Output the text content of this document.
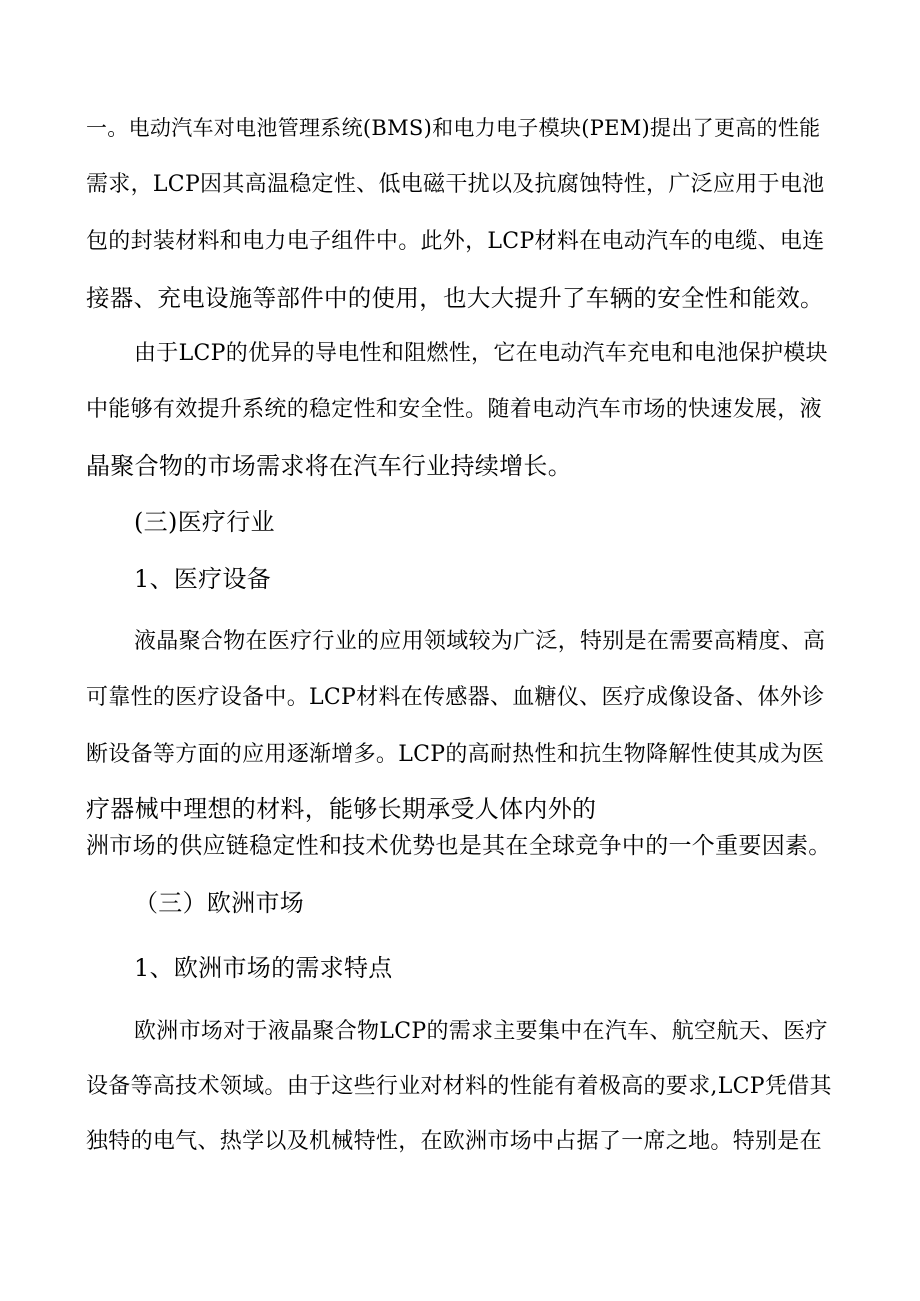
一。电动汽车对电池管理系统(BMS)和电力电子模块(PEM)提出了更高的性能
需求，LCP因其高温稳定性、低电磁干扰以及抗腐蚀特性，广泛应用于电池
包的封装材料和电力电子组件中。此外，LCP材料在电动汽车的电缆、电连
接器、充电设施等部件中的使用，也大大提升了车辆的安全性和能效。
由于LCP的优异的导电性和阻燃性，它在电动汽车充电和电池保护模块
中能够有效提升系统的稳定性和安全性。随着电动汽车市场的快速发展，液
晶聚合物的市场需求将在汽车行业持续增长。
(三)医疗行业
1、医疗设备
液晶聚合物在医疗行业的应用领域较为广泛，特别是在需要高精度、高
可靠性的医疗设备中。LCP材料在传感器、血糖仪、医疗成像设备、体外诊
断设备等方面的应用逐渐增多。LCP的高耐热性和抗生物降解性使其成为医
疗器械中理想的材料，能够长期承受人体内外的
洲市场的供应链稳定性和技术优势也是其在全球竞争中的一个重要因素。
（三）欧洲市场
1、欧洲市场的需求特点
欧洲市场对于液晶聚合物LCP的需求主要集中在汽车、航空航天、医疗
设备等高技术领域。由于这些行业对材料的性能有着极高的要求,LCP凭借其
独特的电气、热学以及机械特性，在欧洲市场中占据了一席之地。特别是在
